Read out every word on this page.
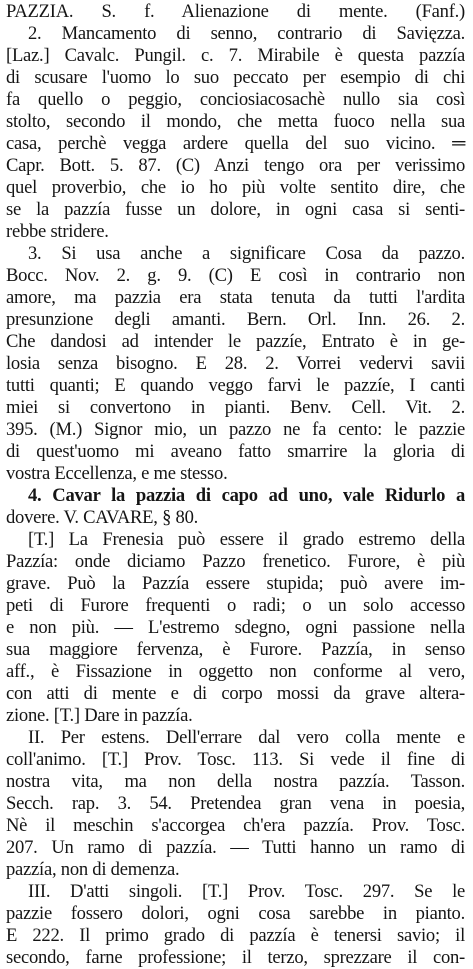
PAZZIA. S. f. Alienazione di mente. (Fanf.)
2. Mancamento di senno, contrario di Savięzza.
[Laz.] Cavalc. Pungil. c. 7. Mirabile è questa pazzía
di scusare l'uomo lo suo peccato per esempio di chi
fa quello o peggio, conciosiacosachè nullo sia così
stolto, secondo il mondo, che metta fuoco nella sua
casa, perchè vegga ardere quella del suo vicino. ═
Capr. Bott. 5. 87. (C) Anzi tengo ora per verissimo
quel proverbio, che io ho più volte sentito dire, che
se la pazzía fusse un dolore, in ogni casa si senti-
rebbe stridere.
3. Si usa anche a significare Cosa da pazzo.
Bocc. Nov. 2. g. 9. (C) E così in contrario non
amore, ma pazzia era stata tenuta da tutti l'ardita
presunzione degli amanti. Bern. Orl. Inn. 26. 2.
Che dandosi ad intender le pazzíe, Entrato è in ge-
losia senza bisogno. E 28. 2. Vorrei vedervi savii
tutti quanti; E quando veggo farvi le pazzíe, I canti
miei si convertono in pianti. Benv. Cell. Vit. 2.
395. (M.) Signor mio, un pazzo ne fa cento: le pazzie
di quest'uomo mi aveano fatto smarrire la gloria di
vostra Eccellenza, e me stesso.
4. Cavar la pazzia di capo ad uno, vale Ridurlo a
dovere. V. CAVARE, § 80.
[T.] La Frenesia può essere il grado estremo della
Pazzía: onde diciamo Pazzo frenetico. Furore, è più
grave. Può la Pazzía essere stupida; può avere im-
peti di Furore frequenti o radi; o un solo accesso
e non più. — L'estremo sdegno, ogni passione nella
sua maggiore fervenza, è Furore. Pazzía, in senso
aff., è Fissazione in oggetto non conforme al vero,
con atti di mente e di corpo mossi da grave altera-
zione. [T.] Dare in pazzía.
II. Per estens. Dell'errare dal vero colla mente e
coll'animo. [T.] Prov. Tosc. 113. Si vede il fine di
nostra vita, ma non della nostra pazzía. Tasson.
Secch. rap. 3. 54. Pretendea gran vena in poesia,
Nè il meschin s'accorgea ch'era pazzía. Prov. Tosc.
207. Un ramo di pazzía. — Tutti hanno un ramo di
pazzía, non di demenza.
III. D'atti singoli. [T.] Prov. Tosc. 297. Se le
pazzie fossero dolori, ogni cosa sarebbe in pianto.
E 222. Il primo grado di pazzía è tenersi savio; il
secondo, farne professione; il terzo, sprezzare il con-
